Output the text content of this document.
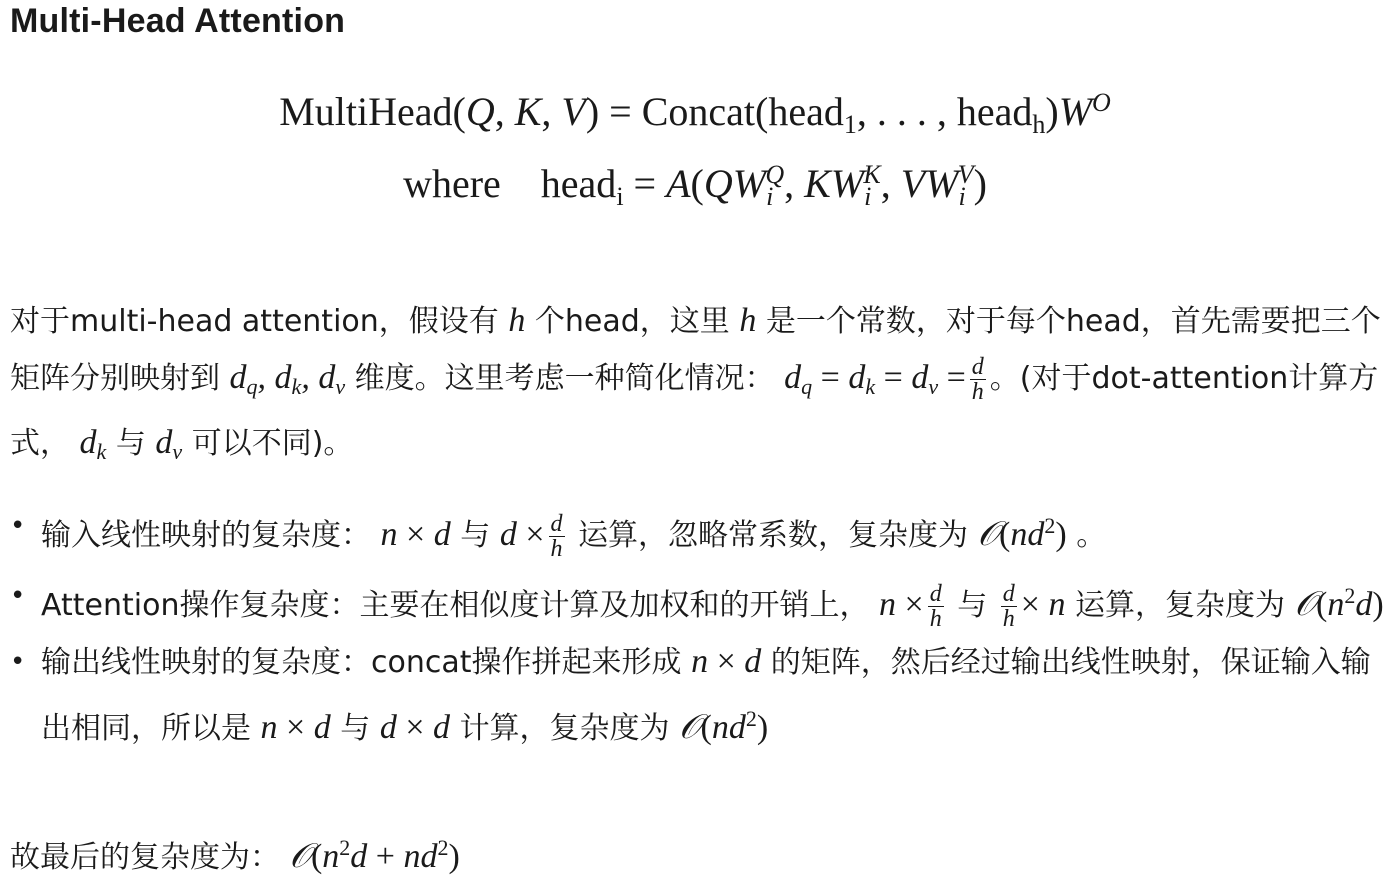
Multi-Head Attention
MultiHead(Q, K, V) = Concat(head$_1$, . . . , $head_h)W^O$
where    head$_i$ = $A(QW_i^Q$, $KW_i^K$, $VW_i^V$)
对于multi-head attention，假设有 h 个head，这里 h 是一个常数，对于每个head，首先需要把三个矩阵分别映射到 $d_q$, $d_k$, $d_v$ 维度。这里考虑一种简化情况： $d_q = d_k = d_v = \frac{d}{h}$ 。(对于dot-attention计算方式， $d_k$ 与 $d_v$ 可以不同)。
• 输入线性映射的复杂度： n × d 与 $d \times \frac{d}{h}$ 运算，忽略常系数，复杂度为 $𝒪(nd^2)$ 。
• Attention操作复杂度：主要在相似度计算及加权和的开销上， $n \times \frac{d}{h}$ 与 $\frac{d}{h} \times n$ 运算，复杂度为 $𝒪(n^2d)$
• 输出线性映射的复杂度：concat操作拼起来形成 n × d 的矩阵，然后经过输出线性映射，保证输入输出相同，所以是 n × d 与 d × d 计算，复杂度为 $𝒪(nd^2)$
故最后的复杂度为： $𝒪(n^2d + nd^2)$
